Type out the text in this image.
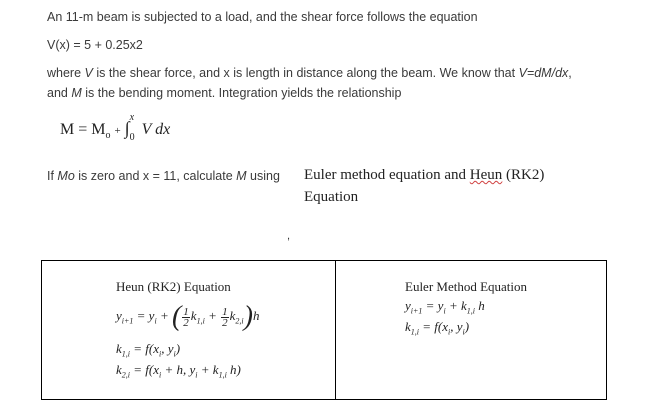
An 11-m beam is subjected to a load, and the shear force follows the equation
V(x) = 5 + 0.25x2
where V is the shear force, and x is length in distance along the beam. We know that V=dM/dx,
and M is the bending moment. Integration yields the relationship
$M = M_o$ + ∫
x
0 V dx
If Mo is zero and x = 11, calculate M using Euler method equation and Heun (RK2)
Equation
,
Heun (RK2) Equation
$y_{i+1} = y_i$ + ( $\frac{1}{2} k_{1,i} + \frac{1}{2} k_{2,i})h$
$k_{1,i} = f(x_i$, $y_i$)
$k_{2,i} = f(x_i + h$, $y_i + k_{1,i}$ h)
Euler Method Equation
$y_{i+1} = y_i + k_{1,i}$ h
$k_{1,i} = f(x_i$, $y_i$)
